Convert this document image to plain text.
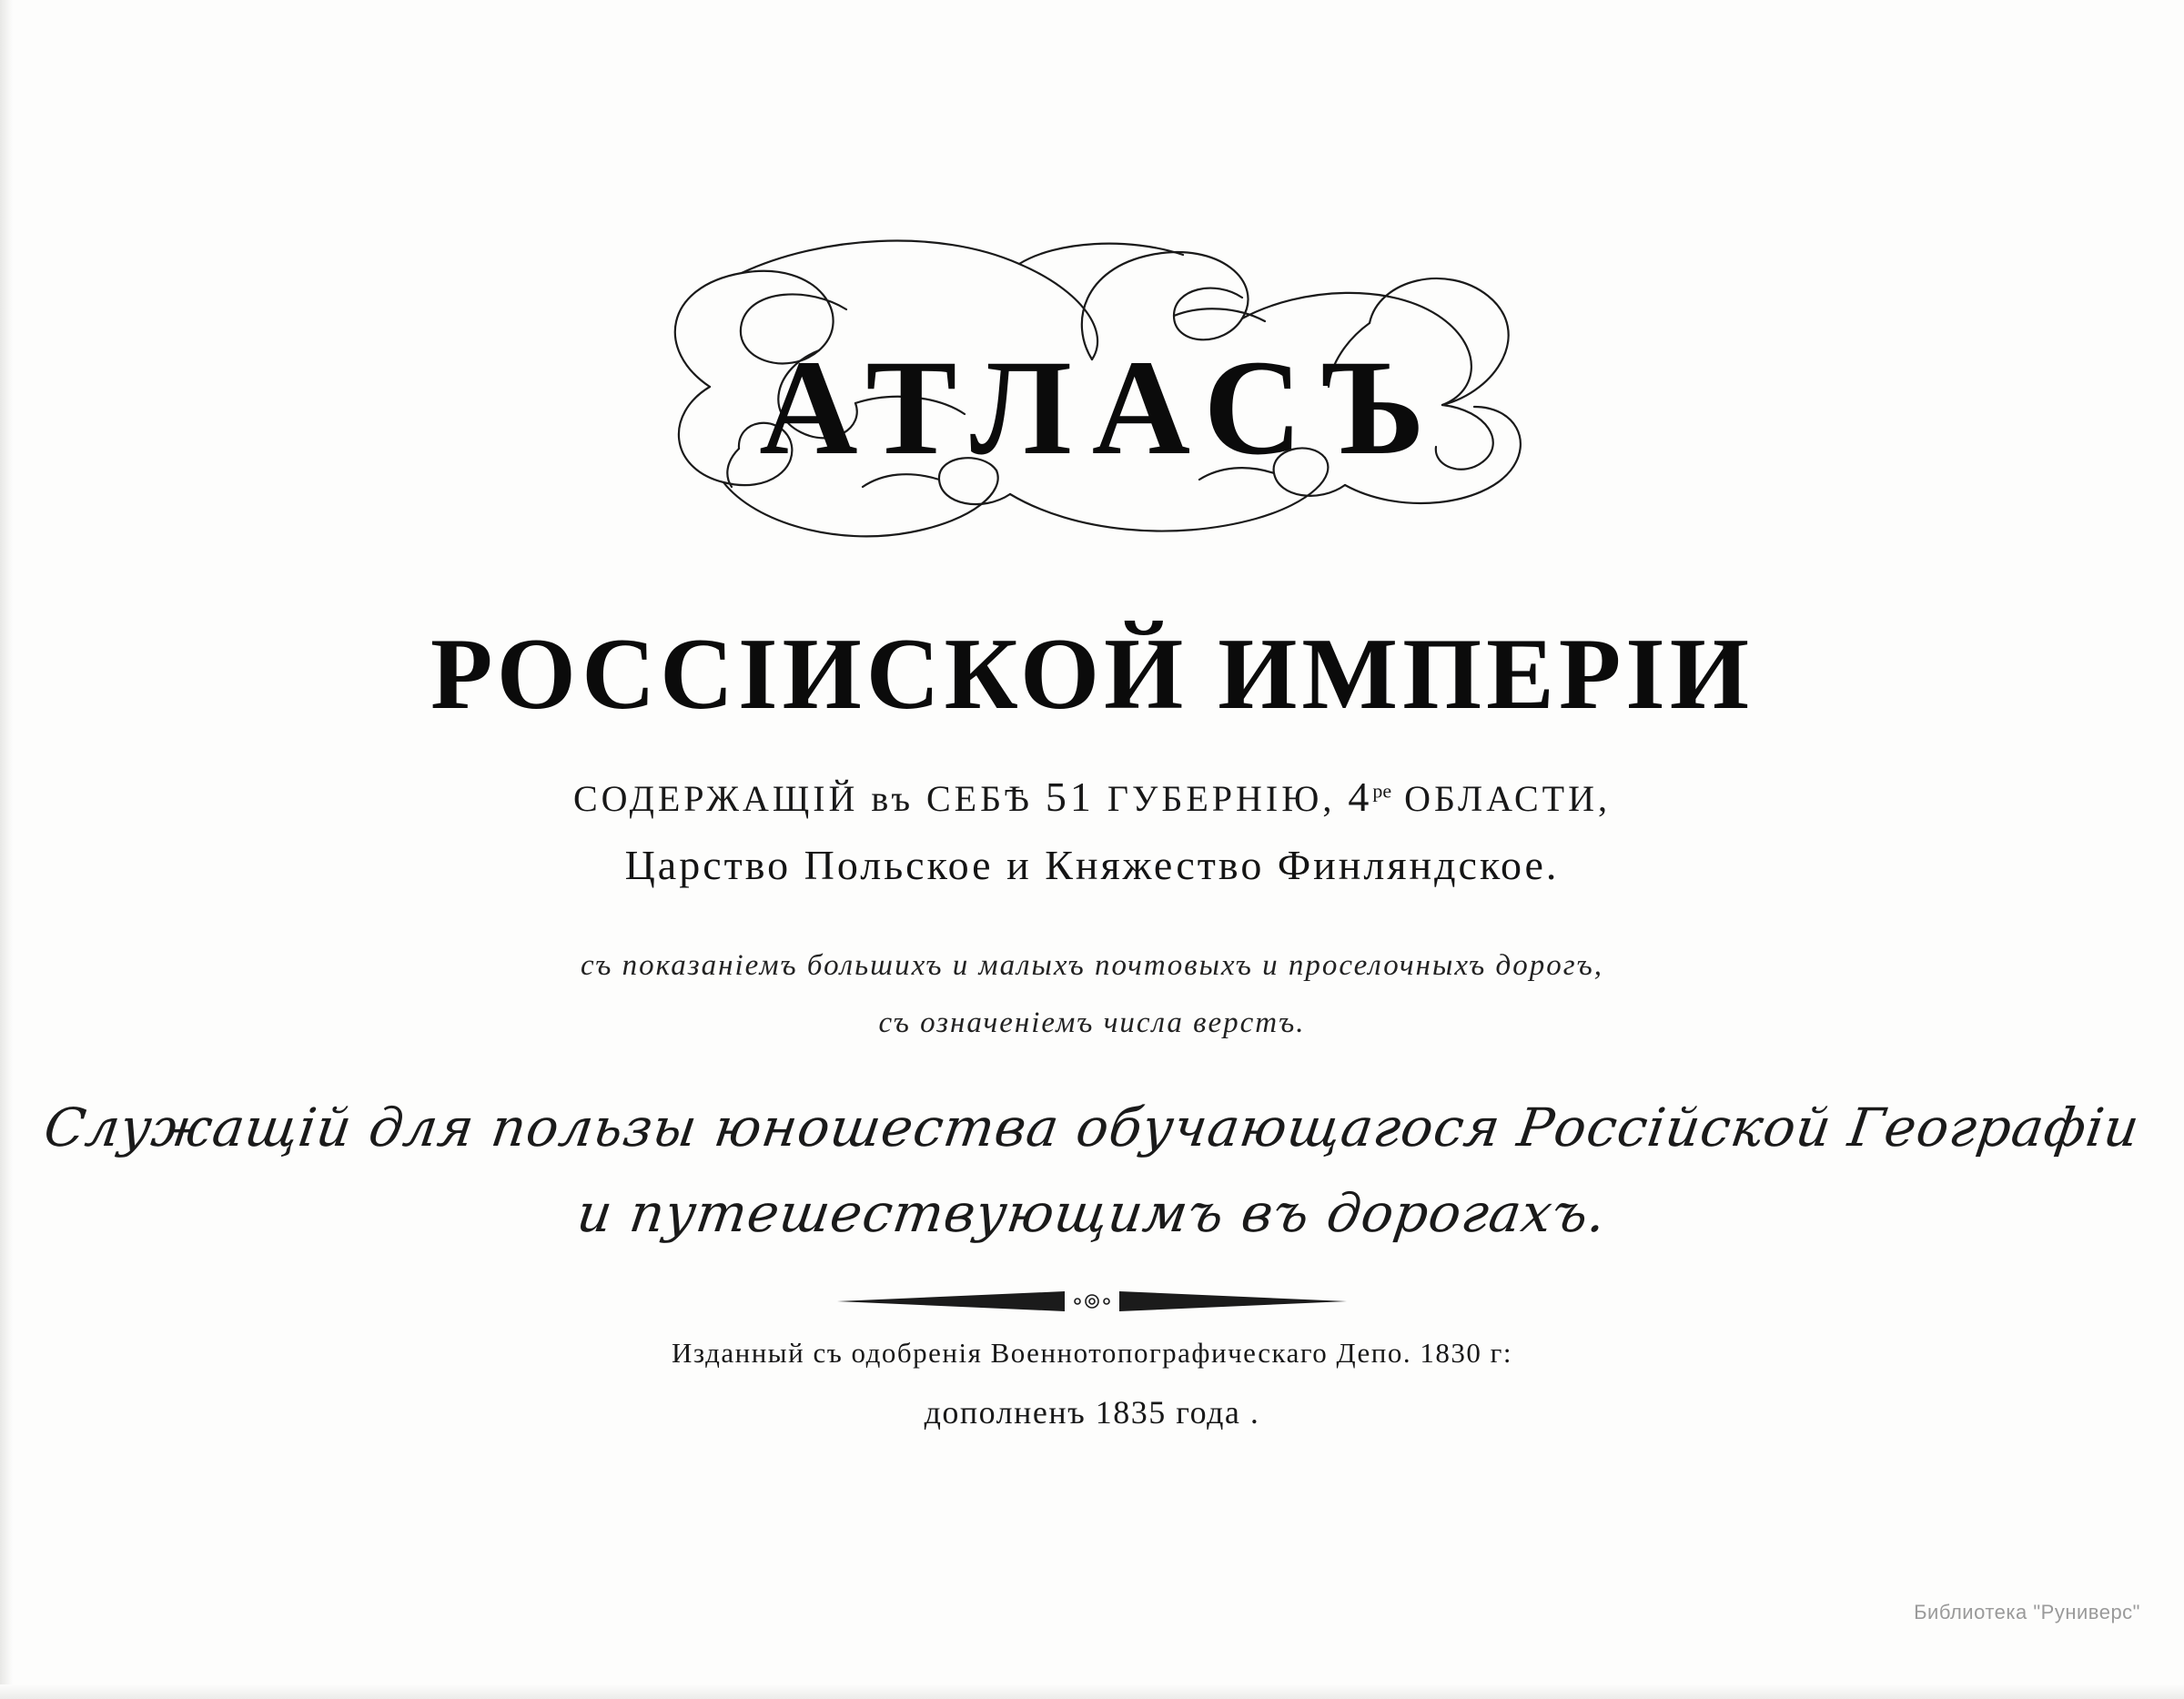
АТЛАСЪ
РОССІИСКОЙ ИМПЕРІИ
СОДЕРЖАЩІЙ въ СЕБѢ 51 ГУБЕРНІЮ, $4^{ре}$ ОБЛАСТИ,
Царство Польское и Княжество Финляндское.
съ показаніемъ большихъ и малыхъ почтовыхъ и проселочныхъ дорогъ,
съ означеніемъ числа верстъ.
Служащій для пользы юношества обучающагося Россійской Географіи
и путешествующимъ въ дорогахъ.
Изданный съ одобренія Военнотопографическаго Депо. 1830 г:
дополненъ 1835 года .
Библиотека "Руниверс"
